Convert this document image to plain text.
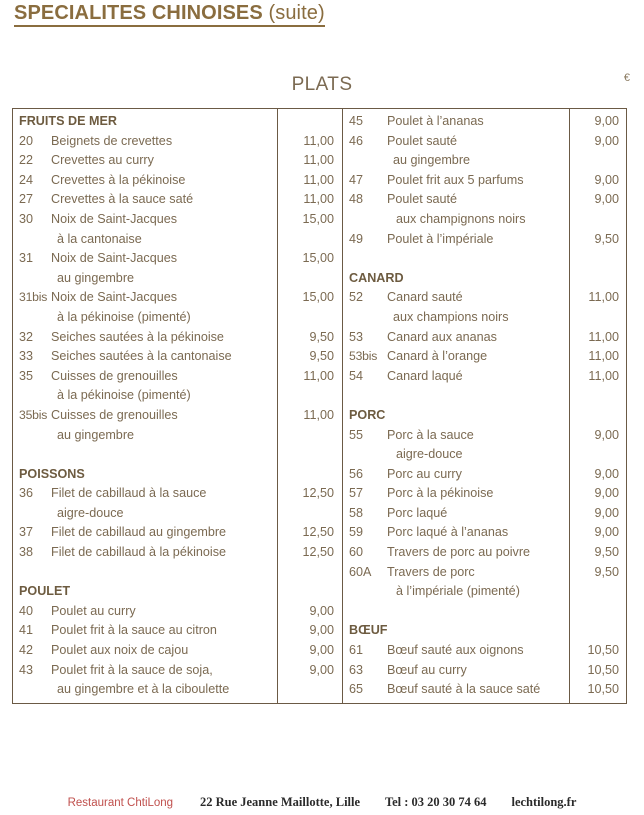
SPECIALITES CHINOISES (suite)
PLATS	€
FRUITS DE MER
20 Beignets de crevettes
22 Crevettes au curry
24 Crevettes à la pékinoise
27 Crevettes à la sauce saté
30 Noix de Saint-Jacques
à la cantonaise
31 Noix de Saint-Jacques
au gingembre
31bis Noix de Saint-Jacques
à la pékinoise (pimenté)
32 Seiches sautées à la pékinoise
33 Seiches sautées à la cantonaise
35 Cuisses de grenouilles
à la pékinoise (pimenté)
35bis Cuisses de grenouilles
au gingembre

POISSONS
36 Filet de cabillaud à la sauce
aigre-douce
37 Filet de cabillaud au gingembre
38 Filet de cabillaud à la pékinoise

POULET
40 Poulet au curry
41 Poulet frit à la sauce au citron
42 Poulet aux noix de cajou
43 Poulet frit à la sauce de soja,
au gingembre et à la ciboulette

11,00
11,00
11,00
11,00
15,00

15,00

15,00

9,50
9,50
11,00

11,00

12,50

12,50
12,50

9,00
9,00
9,00
9,00

45 Poulet à l’ananas
46 Poulet sauté
au gingembre
47 Poulet frit aux 5 parfums
48 Poulet sauté
aux champignons noirs
49 Poulet à l’impériale

CANARD
52 Canard sauté
aux champions noirs
53 Canard aux ananas
53bis Canard à l’orange
54 Canard laqué

PORC
55 Porc à la sauce
aigre-douce
56 Porc au curry
57 Porc à la pékinoise
58 Porc laqué
59 Porc laqué à l’ananas
60 Travers de porc au poivre
60A Travers de porc
à l’impériale (pimenté)

BŒUF
61 Bœuf sauté aux oignons
63 Bœuf au curry
65 Bœuf sauté à la sauce saté
9,00
9,00

9,00
9,00

9,50

11,00

11,00
11,00
11,00

9,00

9,00
9,00
9,00
9,00
9,50
9,50

10,50
10,50
10,50
Restaurant ChtiLong 22 Rue Jeanne Maillotte, Lille Tel : 03 20 30 74 64 lechtilong.fr
